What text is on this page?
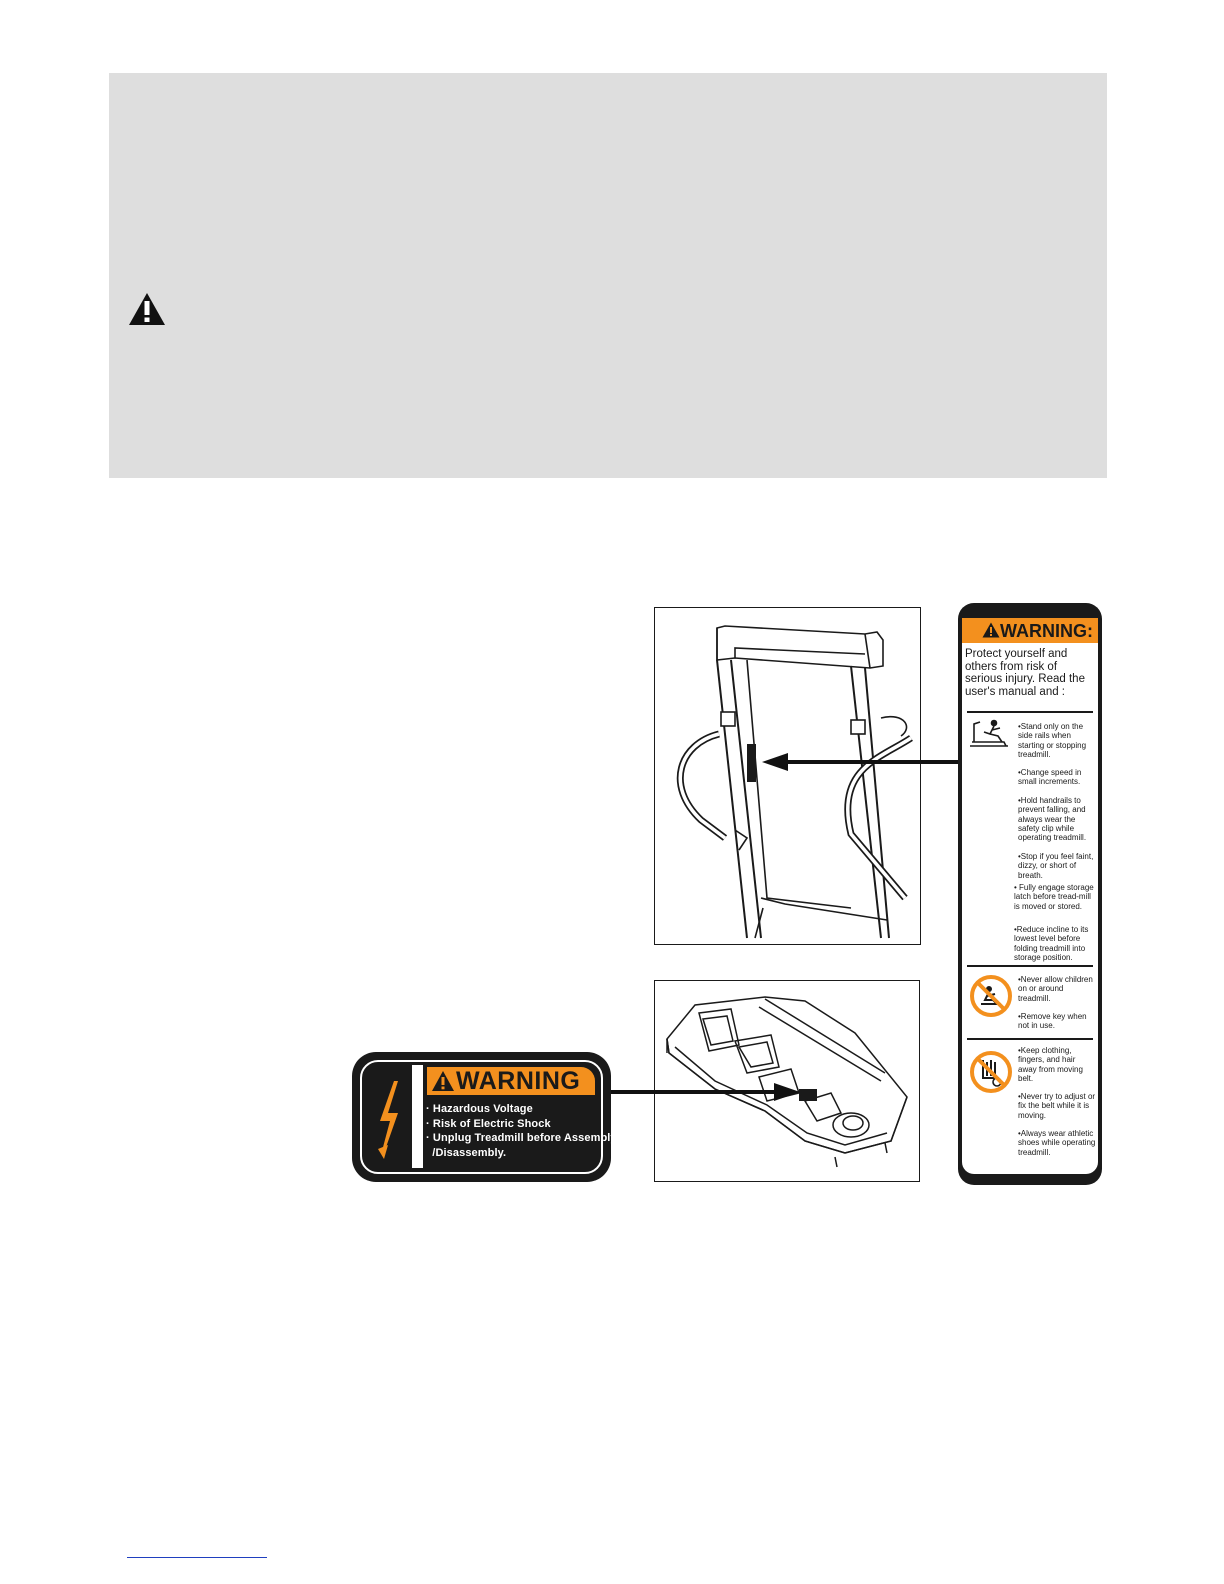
WARNING
· Hazardous Voltage
· Risk of Electric Shock
· Unplug Treadmill before Assembly
/Disassembly.
WARNING:
Protect yourself and others from risk of serious injury. Read the user's manual and :
•Stand only on the side rails when starting or stopping treadmill.
•Change speed in small increments.
•Hold handrails to prevent falling, and always wear the safety clip while operating treadmill.
•Stop if you feel faint, dizzy, or short of breath.
• Fully engage storage latch before tread-mill is moved or stored.
•Reduce incline to its lowest level before folding treadmill into storage position.
•Never allow children on or around treadmill.
•Remove key when not in use.
•Keep clothing, fingers, and hair away from moving belt.
•Never try to adjust or fix the belt while it is moving.
•Always wear athletic shoes while operating treadmill.
